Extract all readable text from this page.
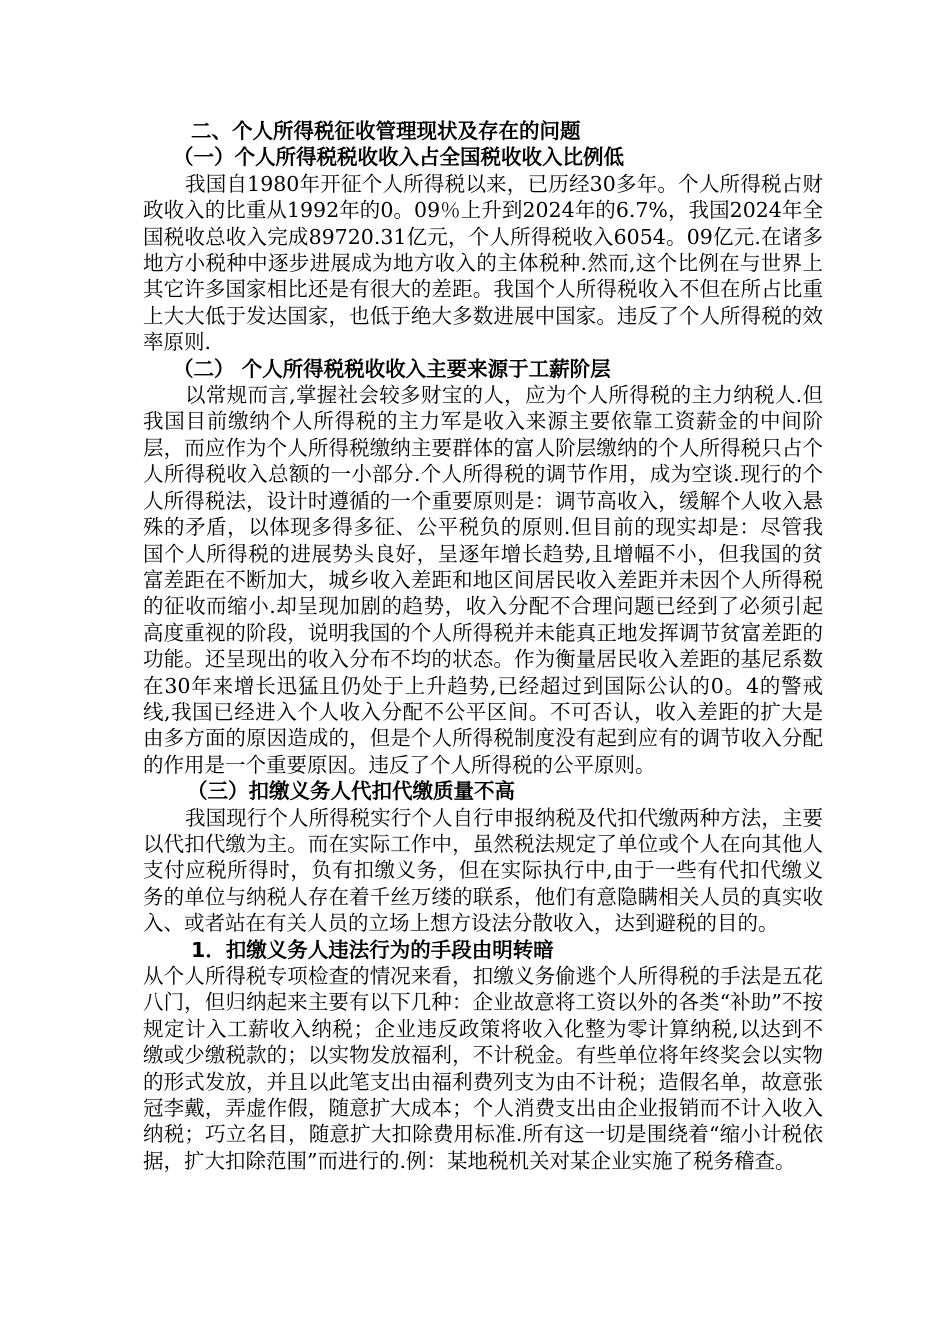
二、个人所得税征收管理现状及存在的问题
（一）个人所得税税收收入占全国税收收入比例低

我国自1980年开征个人所得税以来，已历经30多年。个人所得税占财政收入的比重从1992年的0。09％上升到2024年的6.7%，我国2024年全国税收总收入完成89720.31亿元，个人所得税收入6054。09亿元.在诸多地方小税种中逐步进展成为地方收入的主体税种.然而,这个比例在与世界上其它许多国家相比还是有很大的差距。我国个人所得税收入不但在所占比重上大大低于发达国家，也低于绝大多数进展中国家。违反了个人所得税的效率原则.

（二） 个人所得税税收收入主要来源于工薪阶层

以常规而言,掌握社会较多财宝的人，应为个人所得税的主力纳税人.但我国目前缴纳个人所得税的主力军是收入来源主要依靠工资薪金的中间阶层，而应作为个人所得税缴纳主要群体的富人阶层缴纳的个人所得税只占个人所得税收入总额的一小部分.个人所得税的调节作用，成为空谈.现行的个人所得税法，设计时遵循的一个重要原则是：调节高收入，缓解个人收入悬殊的矛盾，以体现多得多征、公平税负的原则.但目前的现实却是：尽管我国个人所得税的进展势头良好，呈逐年增长趋势,且增幅不小，但我国的贫富差距在不断加大，城乡收入差距和地区间居民收入差距并未因个人所得税的征收而缩小.却呈现加剧的趋势，收入分配不合理问题已经到了必须引起高度重视的阶段，说明我国的个人所得税并未能真正地发挥调节贫富差距的功能。还呈现出的收入分布不均的状态。作为衡量居民收入差距的基尼系数在30年来增长迅猛且仍处于上升趋势,已经超过到国际公认的0。4的警戒线,我国已经进入个人收入分配不公平区间。不可否认，收入差距的扩大是由多方面的原因造成的，但是个人所得税制度没有起到应有的调节收入分配的作用是一个重要原因。违反了个人所得税的公平原则。

（三）扣缴义务人代扣代缴质量不高

我国现行个人所得税实行个人自行申报纳税及代扣代缴两种方法，主要以代扣代缴为主。而在实际工作中，虽然税法规定了单位或个人在向其他人支付应税所得时，负有扣缴义务，但在实际执行中,由于一些有代扣代缴义务的单位与纳税人存在着千丝万缕的联系，他们有意隐瞒相关人员的真实收入、或者站在有关人员的立场上想方设法分散收入，达到避税的目的。

1．扣缴义务人违法行为的手段由明转暗

从个人所得税专项检查的情况来看，扣缴义务偷逃个人所得税的手法是五花八门，但归纳起来主要有以下几种：企业故意将工资以外的各类“补助”不按规定计入工薪收入纳税；企业违反政策将收入化整为零计算纳税,以达到不缴或少缴税款的；以实物发放福利，不计税金。有些单位将年终奖会以实物的形式发放，并且以此笔支出由福利费列支为由不计税；造假名单，故意张冠李戴，弄虚作假，随意扩大成本；个人消费支出由企业报销而不计入收入纳税；巧立名目，随意扩大扣除费用标准.所有这一切是围绕着“缩小计税依据，扩大扣除范围”而进行的.例：某地税机关对某企业实施了税务稽查。
